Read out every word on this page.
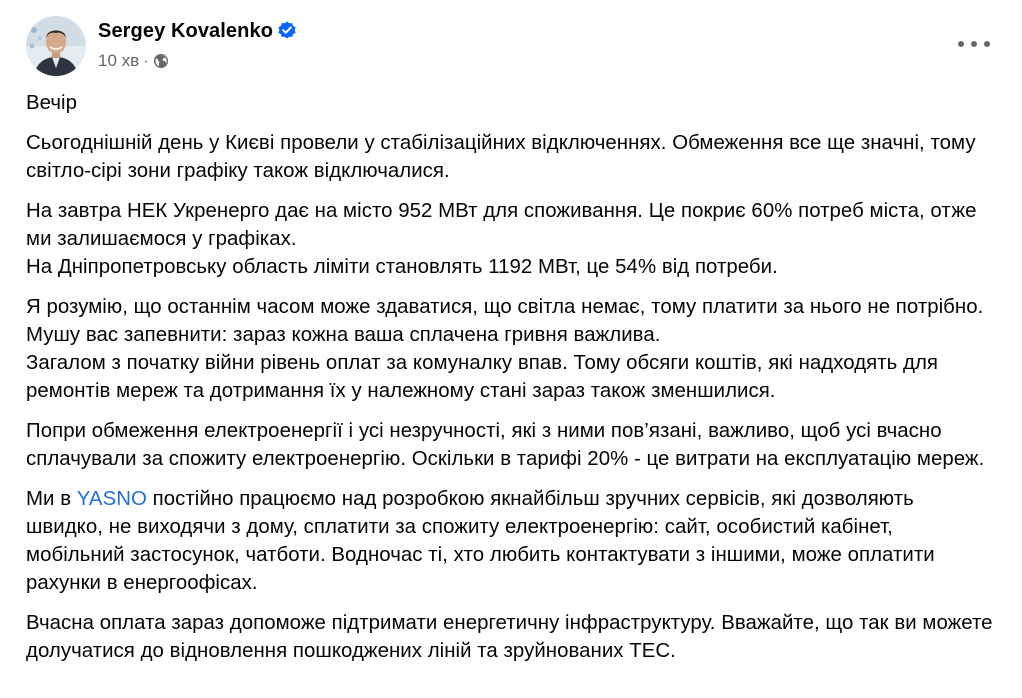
Sergey Kovalenko
10 хв ·

Вечір

Сьогоднішній день у Києві провели у стабілізаційних відключеннях. Обмеження все ще значні, тому світло-сірі зони графіку також відключалися.

На завтра НЕК Укренерго дає на місто 952 МВт для споживання. Це покриє 60% потреб міста, отже ми залишаємося у графіках.
На Дніпропетровську область ліміти становлять 1192 МВт, це 54% від потреби.

Я розумію, що останнім часом може здаватися, що світла немає, тому платити за нього не потрібно. Мушу вас запевнити: зараз кожна ваша сплачена гривня важлива.
Загалом з початку війни рівень оплат за комуналку впав. Тому обсяги коштів, які надходять для ремонтів мереж та дотримання їх у належному стані зараз також зменшилися.

Попри обмеження електроенергії і усі незручності, які з ними пов’язані, важливо, щоб усі вчасно сплачували за спожиту електроенергію. Оскільки в тарифі 20% - це витрати на експлуатацію мереж.

Ми в YASNO постійно працюємо над розробкою якнайбільш зручних сервісів, які дозволяють швидко, не виходячи з дому, сплатити за спожиту електроенергію: сайт, особистий кабінет, мобільний застосунок, чатботи. Водночас ті, хто любить контактувати з іншими, може оплатити рахунки в енергоофісах.

Вчасна оплата зараз допоможе підтримати енергетичну інфраструктуру. Вважайте, що так ви можете долучатися до відновлення пошкоджених ліній та зруйнованих ТЕС.
